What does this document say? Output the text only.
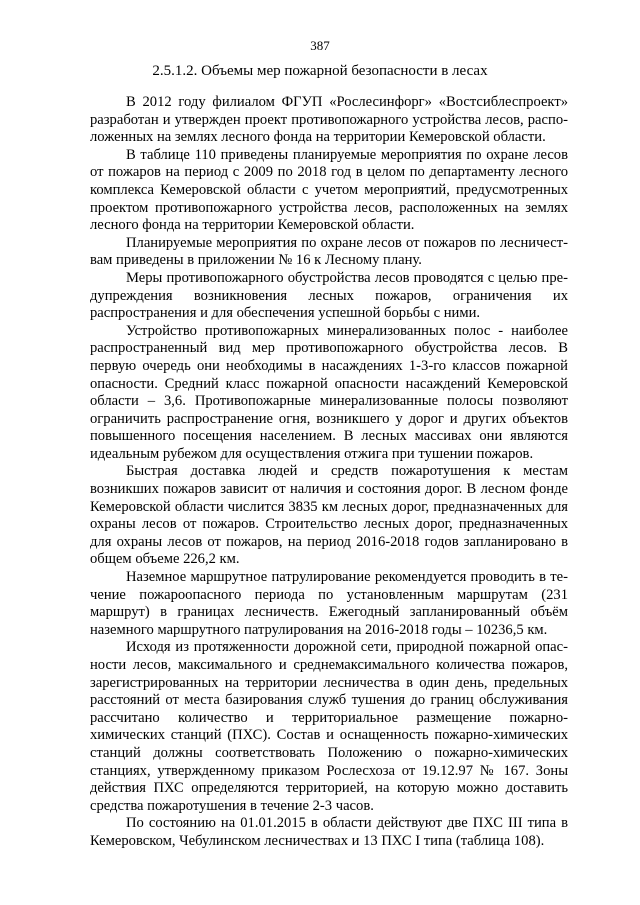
387
2.5.1.2. Объемы мер пожарной безопасности в лесах

В 2012 году филиалом ФГУП «Рослесинфорг» «Востсиблеспроект» разработан и утвержден проект противопожарного устройства лесов, расположенных на землях лесного фонда на территории Кемеровской области.

В таблице 110 приведены планируемые мероприятия по охране лесов от пожаров на период с 2009 по 2018 год в целом по департаменту лесного комплекса Кемеровской области с учетом мероприятий, предусмотренных проектом противопожарного устройства лесов, расположенных на землях лесного фонда на территории Кемеровской области.

Планируемые мероприятия по охране лесов от пожаров по лесничествам приведены в приложении № 16 к Лесному плану.

Меры противопожарного обустройства лесов проводятся с целью предупреждения возникновения лесных пожаров, ограничения их распространения и для обеспечения успешной борьбы с ними.

Устройство противопожарных минерализованных полос - наиболее распространенный вид мер противопожарного обустройства лесов. В первую очередь они необходимы в насаждениях 1-3-го классов пожарной опасности. Средний класс пожарной опасности насаждений Кемеровской области – 3,6. Противопожарные минерализованные полосы позволяют ограничить распространение огня, возникшего у дорог и других объектов повышенного посещения населением. В лесных массивах они являются идеальным рубежом для осуществления отжига при тушении пожаров.

Быстрая доставка людей и средств пожаротушения к местам возникших пожаров зависит от наличия и состояния дорог. В лесном фонде Кемеровской области числится 3835 км лесных дорог, предназначенных для охраны лесов от пожаров. Строительство лесных дорог, предназначенных для охраны лесов от пожаров, на период 2016-2018 годов запланировано в общем объеме 226,2 км.

Наземное маршрутное патрулирование рекомендуется проводить в течение пожароопасного периода по установленным маршрутам (231 маршрут) в границах лесничеств. Ежегодный запланированный объём наземного маршрутного патрулирования на 2016-2018 годы – 10236,5 км.

Исходя из протяженности дорожной сети, природной пожарной опасности лесов, максимального и среднемаксимального количества пожаров, зарегистрированных на территории лесничества в один день, предельных расстояний от места базирования служб тушения до границ обслуживания рассчитано количество и территориальное размещение пожарно-химических станций (ПХС). Состав и оснащенность пожарно-химических станций должны соответствовать Положению о пожарно-химических станциях, утвержденному приказом Рослесхоза от 19.12.97 № 167. Зоны действия ПХС определяются территорией, на которую можно доставить средства пожаротушения в течение 2-3 часов.

По состоянию на 01.01.2015 в области действуют две ПХС III типа в Кемеровском, Чебулинском лесничествах и 13 ПХС I типа (таблица 108).
